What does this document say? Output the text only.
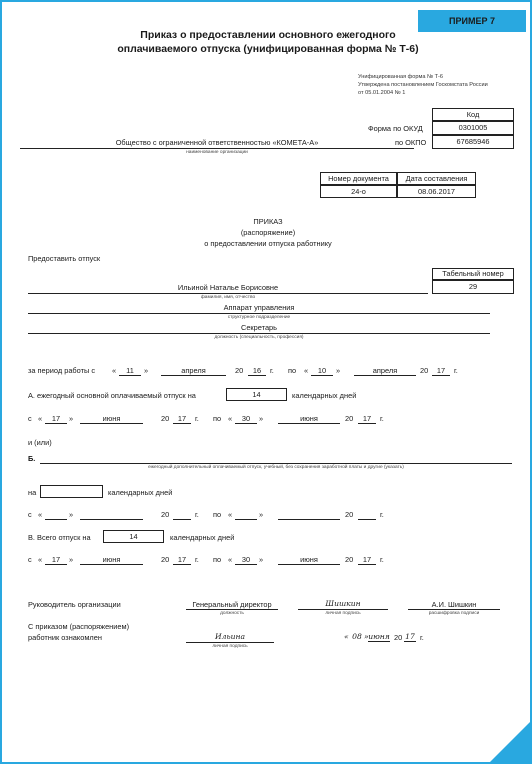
ПРИМЕР 7
Приказ о предоставлении основного ежегодного
оплачиваемого отпуска (унифицированная форма № Т-6)
Унифицированная форма № Т-6
Утверждена постановлением Госкомстата России
от 05.01.2004 № 1
Код
0301005
67685946
Форма по ОКУД
по ОКПО
Общество с ограниченной ответственностью «КОМЕТА-А»
наименование организации
Номер документа	Дата составления
24-о	08.06.2017
ПРИКАЗ
(распоряжение)
о предоставлении отпуска работнику
Предоставить отпуск
Табельный номер
29
Ильиной Наталье Борисовне
фамилия, имя, отчество
Аппарат управления
структурное подразделение
Секретарь
должность (специальность, профессия)
за период работы с «	11	»	апреля	20	16	г. по «	10	»	апреля	20	17	г.
А. ежегодный основной оплачиваемый отпуск на	14	календарных дней
с «	17	»	июня	20	17	г. по «	30	»	июня	20	17	г.
и (или)
Б.
ежегодный дополнительный оплачиваемый отпуск, учебный, без сохранения заработной платы и другие (указать)
на	календарных дней
с «	»	20	г. по «	»	20	г.
В. Всего отпуск на	14	календарных дней
с «	17	»	июня	20	17	г. по «	30	»	июня	20	17	г.
Руководитель организации	Генеральный директор
должность
Шишкин
личная подпись
А.И. Шишкин
расшифровка подписи
С приказом (распоряжением)
работник ознакомлен	Ильина
личная подпись
« 08 » июня 20 17 г.
